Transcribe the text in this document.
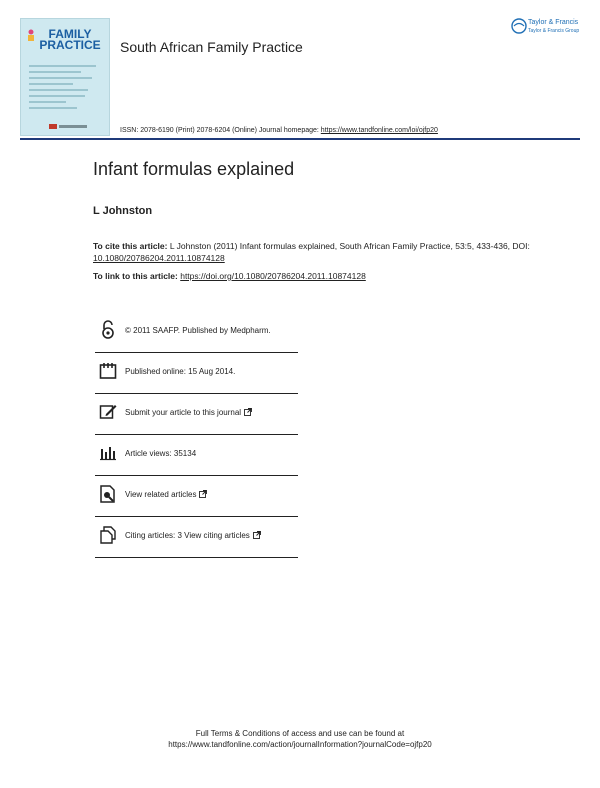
FAMILY
PRACTICE	South African Family Practice
Taylor & Francis
Taylor & Francis Group
ISSN: 2078-6190 (Print) 2078-6204 (Online) Journal homepage: https://www.tandfonline.com/loi/ojfp20
Infant formulas explained
L Johnston
To cite this article: L Johnston (2011) Infant formulas explained, South African Family Practice, 53:5, 433-436, DOI: 10.1080/20786204.2011.10874128
To link to this article: https://doi.org/10.1080/20786204.2011.10874128
© 2011 SAAFP. Published by Medpharm.
Published online: 15 Aug 2014.
Submit your article to this journal
Article views: 35134
View related articles
Citing articles: 3 View citing articles
Full Terms & Conditions of access and use can be found at
https://www.tandfonline.com/action/journalInformation?journalCode=ojfp20
